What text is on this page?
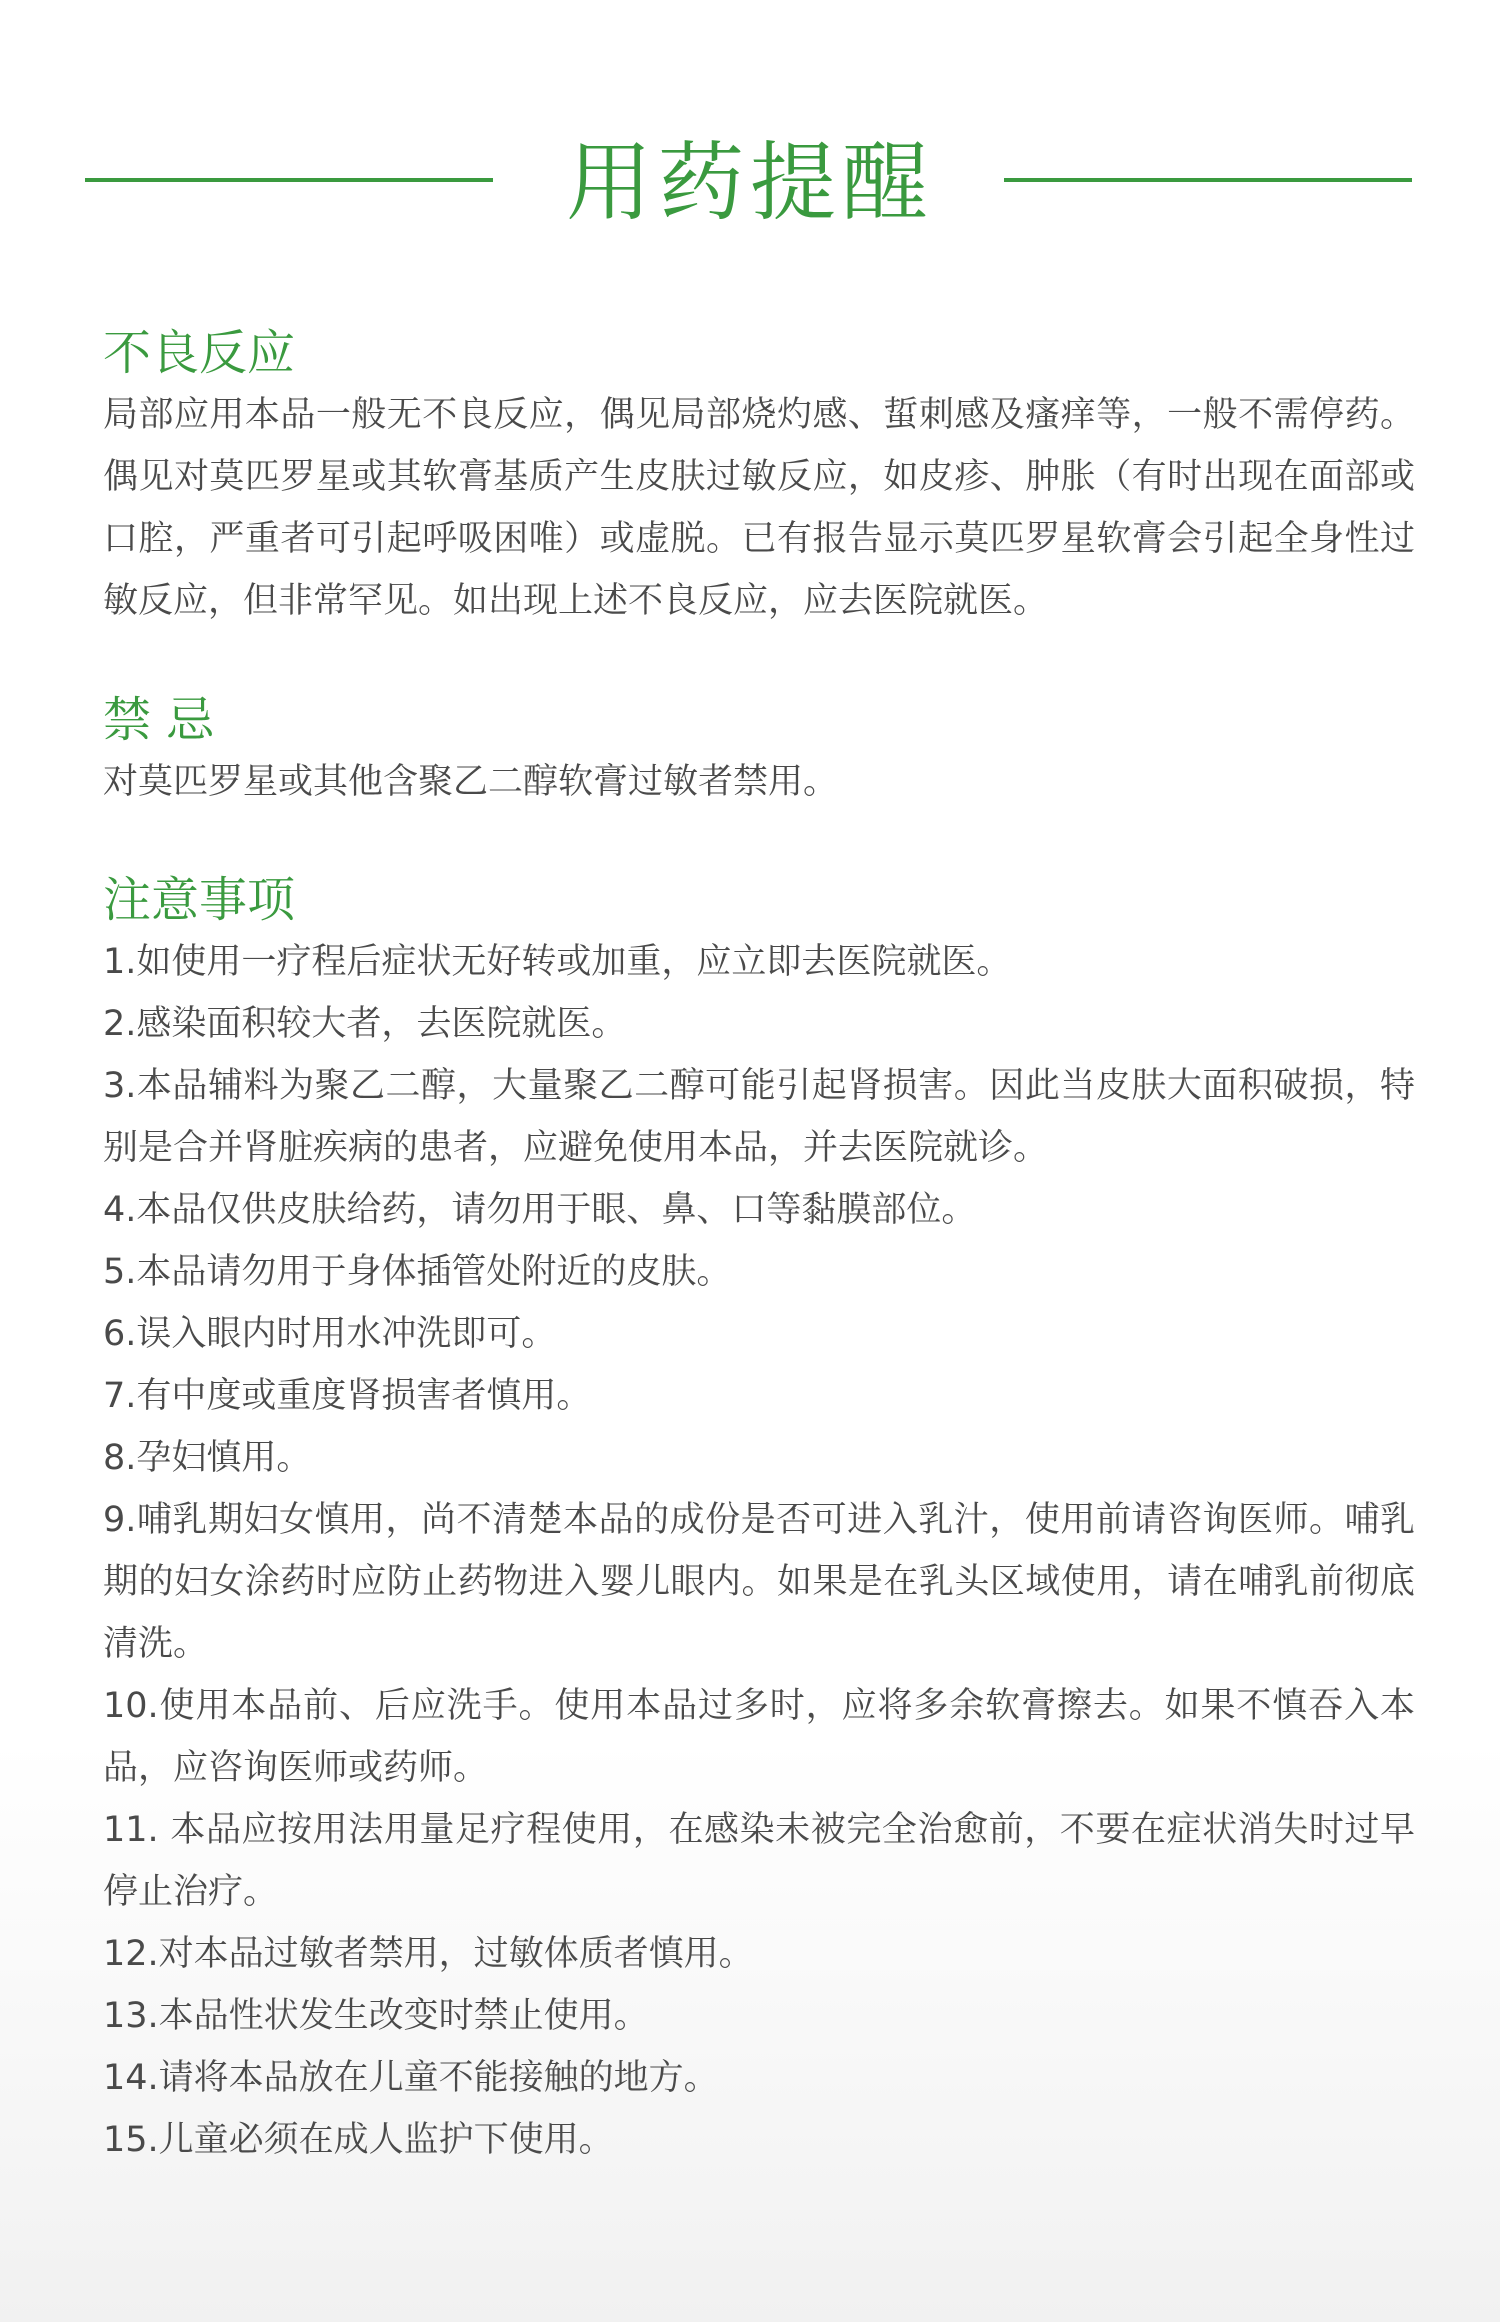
用药提醒
不良反应

局部应用本品一般无不良反应，偶见局部烧灼感、蜇刺感及瘙痒等，一般不需停药。偶见对莫匹罗星或其软膏基质产生皮肤过敏反应，如皮疹、肿胀（有时出现在面部或口腔，严重者可引起呼吸困唯）或虚脱。已有报告显示莫匹罗星软膏会引起全身性过敏反应，但非常罕见。如出现上述不良反应，应去医院就医。

禁 忌

对莫匹罗星或其他含聚乙二醇软膏过敏者禁用。

注意事项
1.如使用一疗程后症状无好转或加重，应立即去医院就医。
2.感染面积较大者，去医院就医。
3.本品辅料为聚乙二醇，大量聚乙二醇可能引起肾损害。因此当皮肤大面积破损，特别是合并肾脏疾病的患者，应避免使用本品，并去医院就诊。
4.本品仅供皮肤给药，请勿用于眼、鼻、口等黏膜部位。
5.本品请勿用于身体插管处附近的皮肤。
6.误入眼内时用水冲洗即可。
7.有中度或重度肾损害者慎用。
8.孕妇慎用。
9.哺乳期妇女慎用，尚不清楚本品的成份是否可进入乳汁，使用前请咨询医师。哺乳期的妇女涂药时应防止药物进入婴儿眼内。如果是在乳头区域使用，请在哺乳前彻底清洗。
10.使用本品前、后应洗手。使用本品过多时，应将多余软膏擦去。如果不慎吞入本品，应咨询医师或药师。
11. 本品应按用法用量足疗程使用，在感染未被完全治愈前，不要在症状消失时过早停止治疗。
12.对本品过敏者禁用，过敏体质者慎用。
13.本品性状发生改变时禁止使用。
14.请将本品放在儿童不能接触的地方。
15.儿童必须在成人监护下使用。
